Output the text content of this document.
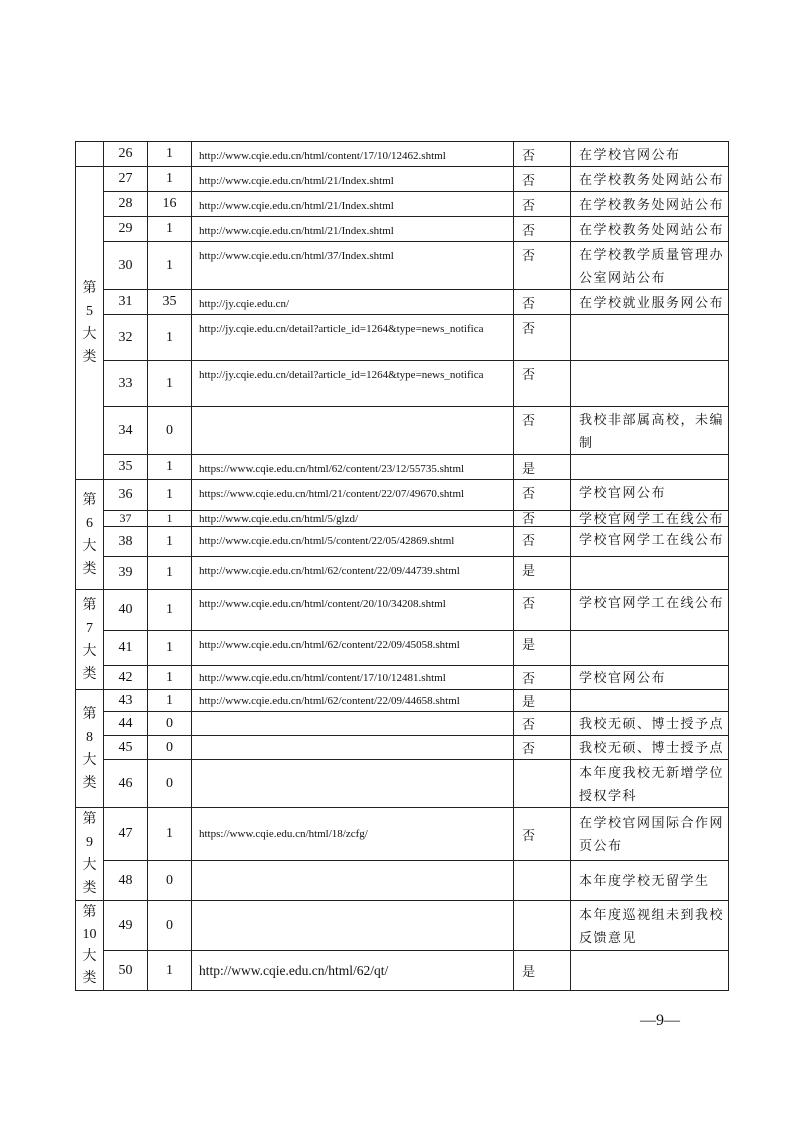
	26	1	http://www.cqie.edu.cn/html/content/17/10/12462.shtml	否	在学校官网公布

第
5
大
类	27	1	http://www.cqie.edu.cn/html/21/Index.shtml	否	在学校教务处网站公布
	28	16	http://www.cqie.edu.cn/html/21/Index.shtml	否	在学校教务处网站公布
	29	1	http://www.cqie.edu.cn/html/21/Index.shtml	否	在学校教务处网站公布
	30	1	http://www.cqie.edu.cn/html/37/Index.shtml	否	在学校教学质量管理办公室网站公布
	31	35	http://jy.cqie.edu.cn/	否	在学校就业服务网公布
	32	1	http://jy.cqie.edu.cn/detail?article_id=1264&type=news_notifica	否	
	33	1	http://jy.cqie.edu.cn/detail?article_id=1264&type=news_notifica	否	
	34	0		否	我校非部属高校，未编制
	35	1	https://www.cqie.edu.cn/html/62/content/23/12/55735.shtml	是	

第
6
大
类	36	1	https://www.cqie.edu.cn/html/21/content/22/07/49670.shtml	否	学校官网公布
	37	1	http://www.cqie.edu.cn/html/5/glzd/	否	学校官网学工在线公布
	38	1	http://www.cqie.edu.cn/html/5/content/22/05/42869.shtml	否	学校官网学工在线公布
	39	1	http://www.cqie.edu.cn/html/62/content/22/09/44739.shtml	是	

第
7
大
类	40	1	http://www.cqie.edu.cn/html/content/20/10/34208.shtml	否	学校官网学工在线公布
	41	1	http://www.cqie.edu.cn/html/62/content/22/09/45058.shtml	是	
	42	1	http://www.cqie.edu.cn/html/content/17/10/12481.shtml	否	学校官网公布

第
8
大
类	43	1	http://www.cqie.edu.cn/html/62/content/22/09/44658.shtml	是	
	44	0		否	我校无硕、博士授予点
	45	0		否	我校无硕、博士授予点
	46	0			本年度我校无新增学位授权学科

第
9
大
类	47	1	https://www.cqie.edu.cn/html/18/zcfg/	否	在学校官网国际合作网页公布
	48	0			本年度学校无留学生

第
10
大
类	49	0			本年度巡视组未到我校反馈意见
	50	1	http://www.cqie.edu.cn/html/62/qt/	是	
—9—
